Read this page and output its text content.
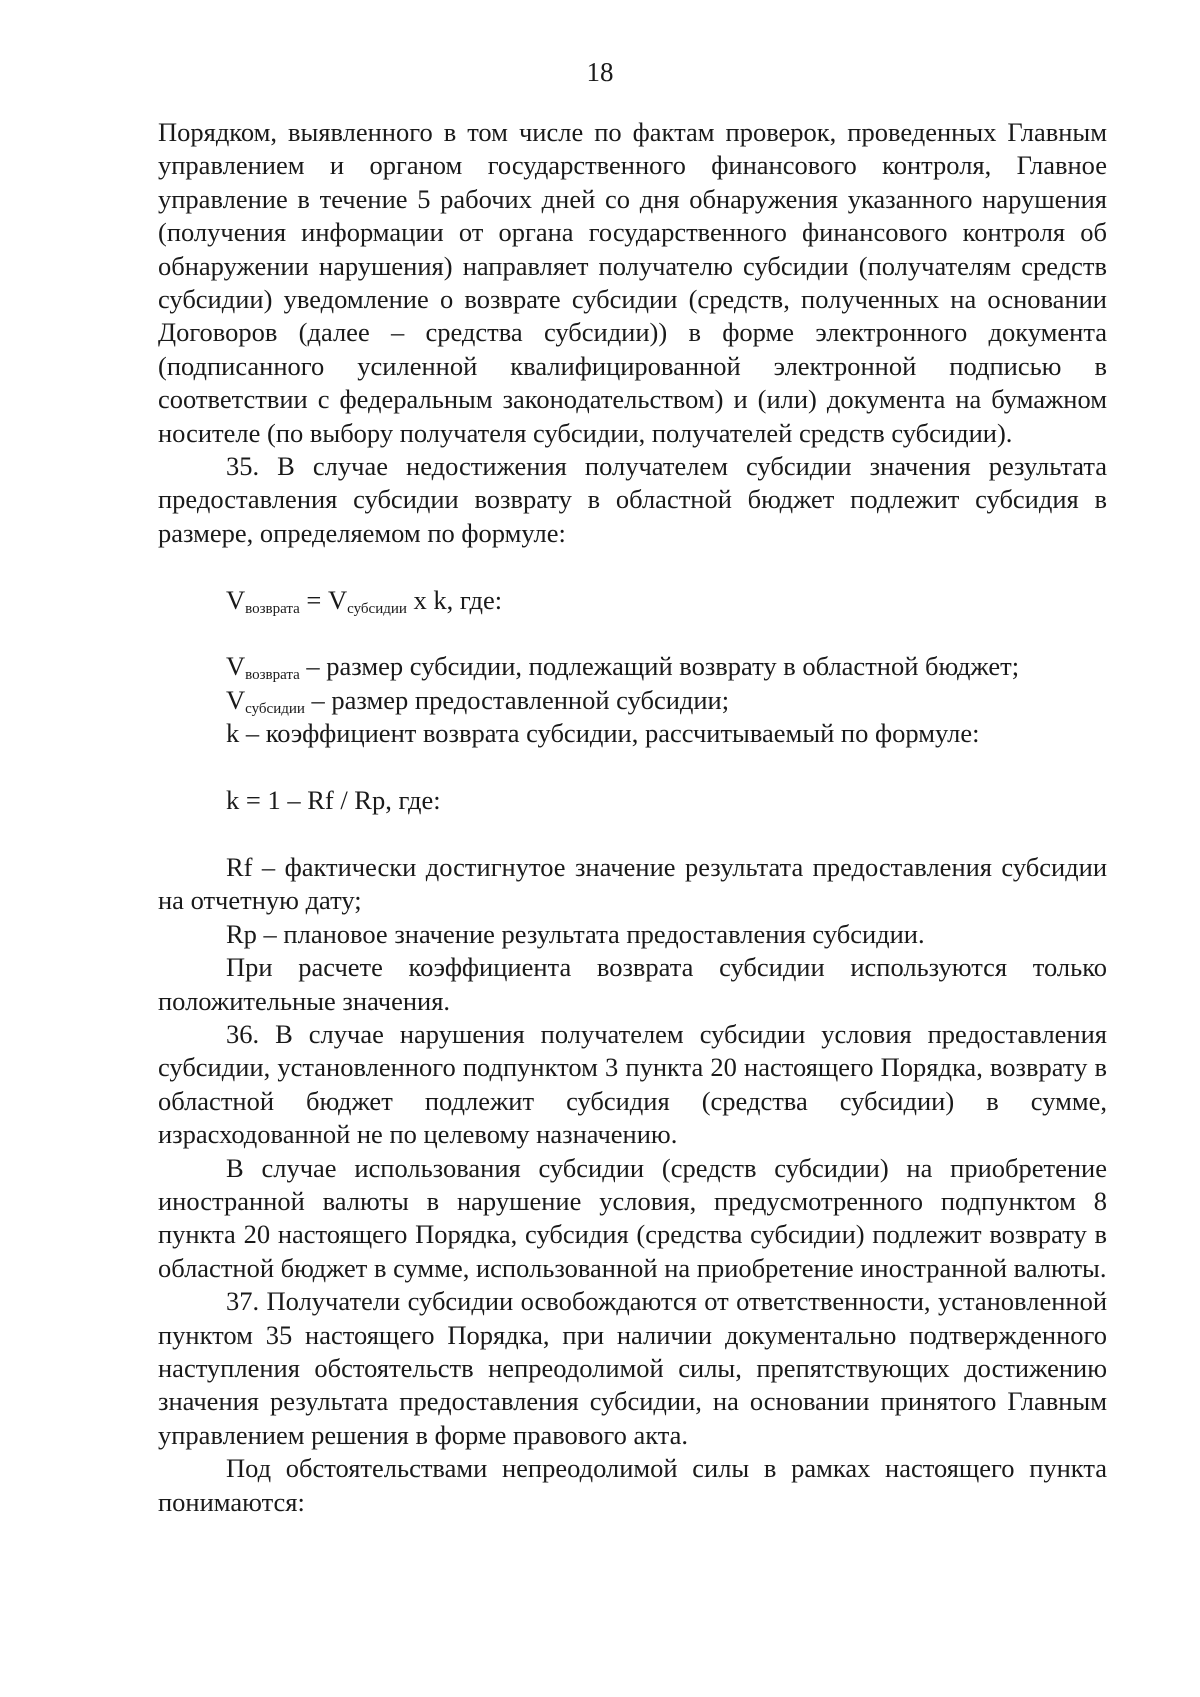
18

Порядком, выявленного в том числе по фактам проверок, проведенных Главным управлением и органом государственного финансового контроля, Главное управление в течение 5 рабочих дней со дня обнаружения указанного нарушения (получения информации от органа государственного финансового контроля об обнаружении нарушения) направляет получателю субсидии (получателям средств субсидии) уведомление о возврате субсидии (средств, полученных на основании Договоров (далее – средства субсидии)) в форме электронного документа (подписанного усиленной квалифицированной электронной подписью в соответствии с федеральным законодательством) и (или) документа на бумажном носителе (по выбору получателя субсидии, получателей средств субсидии).

35. В случае недостижения получателем субсидии значения результата предоставления субсидии возврату в областной бюджет подлежит субсидия в размере, определяемом по формуле:

$V_{возврата} = V_{субсидии}$ x k, где:

$V_{возврата}$ – размер субсидии, подлежащий возврату в областной бюджет;

$V_{субсидии}$ – размер предоставленной субсидии;

k – коэффициент возврата субсидии, рассчитываемый по формуле:

k = 1 – Rf / Rp, где:

Rf – фактически достигнутое значение результата предоставления субсидии на отчетную дату;

Rp – плановое значение результата предоставления субсидии.

При расчете коэффициента возврата субсидии используются только положительные значения.

36. В случае нарушения получателем субсидии условия предоставления субсидии, установленного подпунктом 3 пункта 20 настоящего Порядка, возврату в областной бюджет подлежит субсидия (средства субсидии) в сумме, израсходованной не по целевому назначению.

В случае использования субсидии (средств субсидии) на приобретение иностранной валюты в нарушение условия, предусмотренного подпунктом 8 пункта 20 настоящего Порядка, субсидия (средства субсидии) подлежит возврату в областной бюджет в сумме, использованной на приобретение иностранной валюты.

37. Получатели субсидии освобождаются от ответственности, установленной пунктом 35 настоящего Порядка, при наличии документально подтвержденного наступления обстоятельств непреодолимой силы, препятствующих достижению значения результата предоставления субсидии, на основании принятого Главным управлением решения в форме правового акта.

Под обстоятельствами непреодолимой силы в рамках настоящего пункта понимаются:
